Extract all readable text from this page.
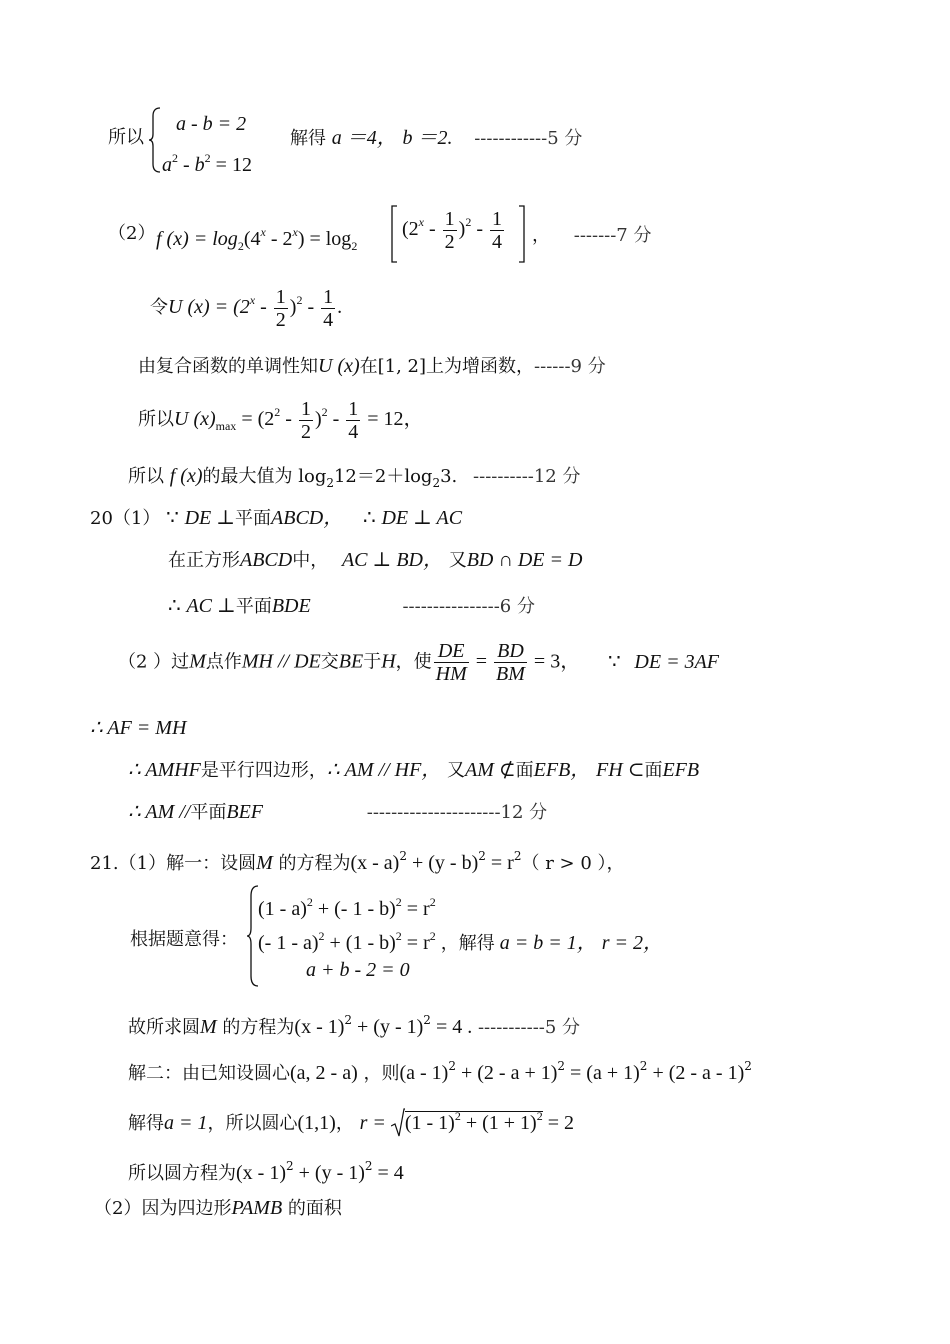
所以
a - b = 2
$a^2 - b^2 = 12$
解得 a ＝4， b ＝2. ------------5 分
（2） f $(x) = \log_2(4^x - 2^x) = \log_2$
$(2^x - \frac{1}{2} )^2 - \frac{1}{4}$ ， -------7 分
令U $(x) = (2^x - \frac{1}{2} )^2 - \frac{1}{4}$ .
由复合函数的单调性知U (x)在[1, 2]上为增函数，------9 分
所以U $(x)_{max} = (2^2 - \frac{1}{2} )^2 - \frac{1}{4} = 12$，
所以 f (x)的最大值为 $\log_212=2+\log_23$. ----------12 分
20（1） ∵ DE ⊥平面ABCD， ∴ DE ⊥ AC
在正方形ABCD中， AC ⊥ BD， 又BD ∩ DE = D
∴ AC ⊥平面BDE	----------------6 分
（2 ）过M点作MH // DE交BE于H，使 $\frac{DE}{HM} = \frac{BD}{BM} = 3$， ∵ DE = 3AF
∴ AF = MH
∴ AMHF是平行四边形，∴ AM // HF， 又AM ⊄面EFB， FH ⊂面EFB
∴ AM //平面BEF	----------------------12 分
21.（1）解一：设圆M 的方程为$(x - a)^2 + (y - b)^2 = r^2$（ r > 0 ），
根据题意得：
(1 - a)$^2$ + (- $1 - b)^2 = r^2$
(- $1 - a)^2 + (1 - b)^2 = r^2$ ，解得 a = b = 1， r = 2，
a + b - 2 = 0
故所求圆M 的方程为(x - 1)$^2$ + (y - 1)$^2$ = 4 . -----------5 分
解二：由已知设圆心(a, 2 - a) ，则$(a - 1)^2 + (2 - a + 1)^2 = (a + 1)^2 + (2 - a - 1)^2$
解得a = 1，所以圆心(1,1)， $r = (1 - 1)^2 + (1 + 1)^2 = 2$
所以圆方程为(x - 1)$^2$ + (y - 1)$^2$ = 4
（2）因为四边形PAMB 的面积
